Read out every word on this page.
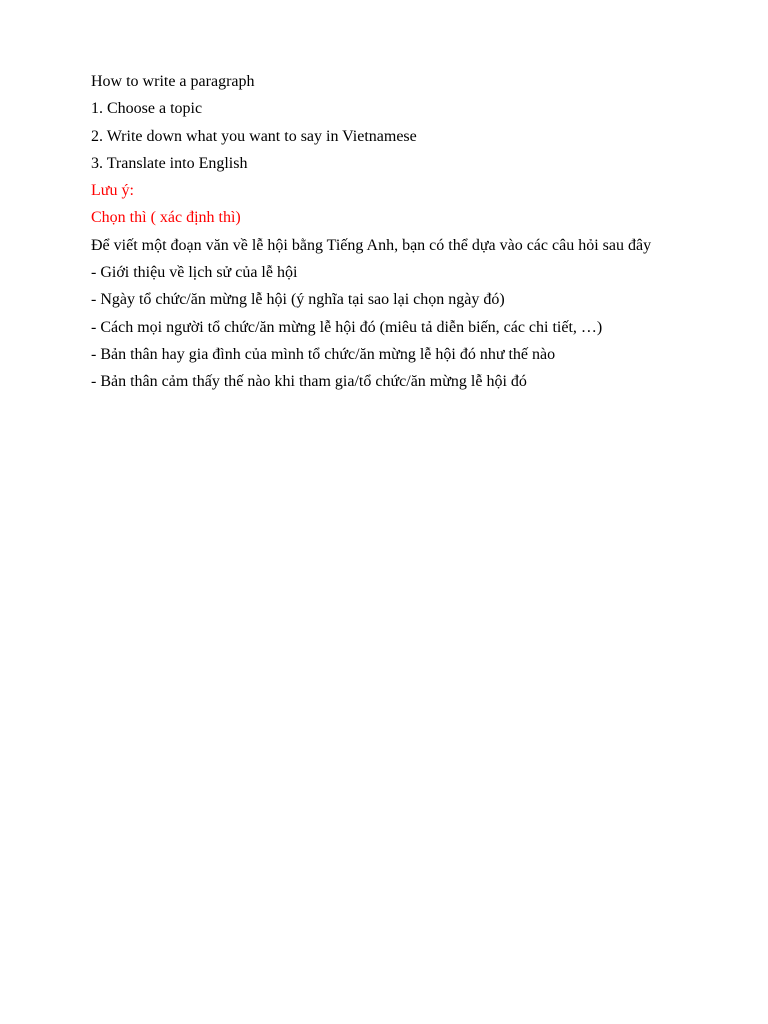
How to write a paragraph

1. Choose a topic

2. Write down what you want to say in Vietnamese

3. Translate into English

Lưu ý:

Chọn thì ( xác định thì)

Để viết một đoạn văn về lễ hội bằng Tiếng Anh, bạn có thể dựa vào các câu hỏi sau đây

- Giới thiệu về lịch sử của lễ hội

- Ngày tổ chức/ăn mừng lễ hội (ý nghĩa tại sao lại chọn ngày đó)

- Cách mọi người tổ chức/ăn mừng lễ hội đó (miêu tả diễn biến, các chi tiết, …)

- Bản thân hay gia đình của mình tổ chức/ăn mừng lễ hội đó như thế nào

- Bản thân cảm thấy thế nào khi tham gia/tổ chức/ăn mừng lễ hội đó
